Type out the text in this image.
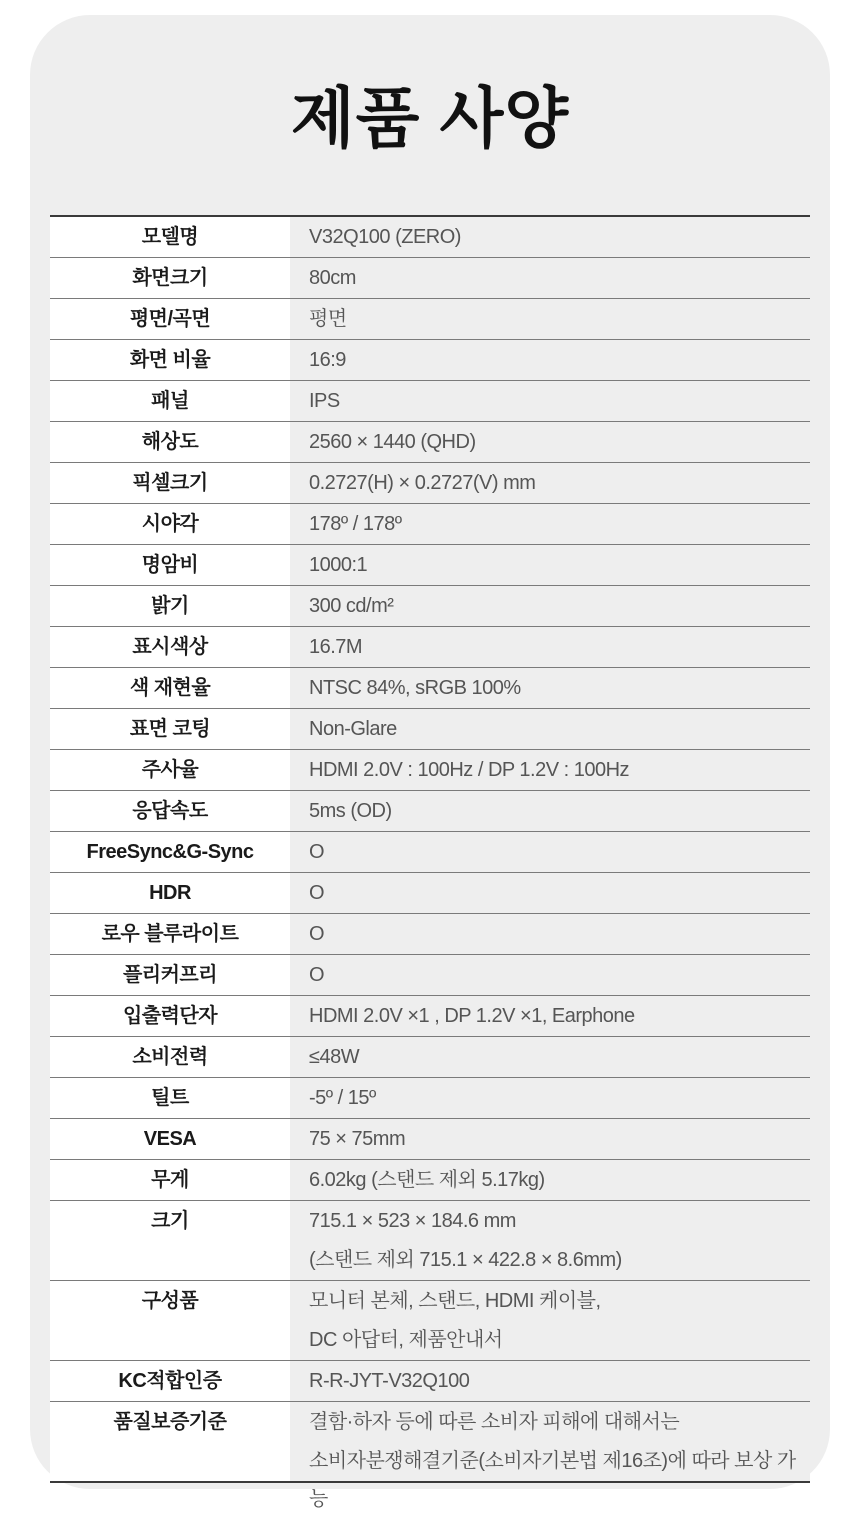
제품 사양
모델명	V32Q100 (ZERO)
화면크기	80cm
평면/곡면	평면
화면 비율	16:9
패널	IPS
해상도	2560 × 1440 (QHD)
픽셀크기	0.2727(H) × 0.2727(V) mm
시야각	178º / 178º
명암비	1000:1
밝기	300 cd/m²
표시색상	16.7M
색 재현율	NTSC 84%, sRGB 100%
표면 코팅	Non-Glare
주사율	HDMI 2.0V : 100Hz / DP 1.2V : 100Hz
응답속도	5ms (OD)
FreeSync&G-Sync	O
HDR	O
로우 블루라이트	O
플리커프리	O
입출력단자	HDMI 2.0V ×1 , DP 1.2V ×1, Earphone
소비전력	≤48W
틸트	-5º / 15º
VESA	75 × 75mm
무게	6.02kg (스탠드 제외 5.17kg)
크기	715.1 × 523 × 184.6 mm
(스탠드 제외 715.1 × 422.8 × 8.6mm)
구성품	모니터 본체, 스탠드, HDMI 케이블,
DC 아답터, 제품안내서
KC적합인증	R-R-JYT-V32Q100
품질보증기준	결함·하자 등에 따른 소비자 피해에 대해서는
소비자분쟁해결기준(소비자기본법 제16조)에 따라 보상 가능
